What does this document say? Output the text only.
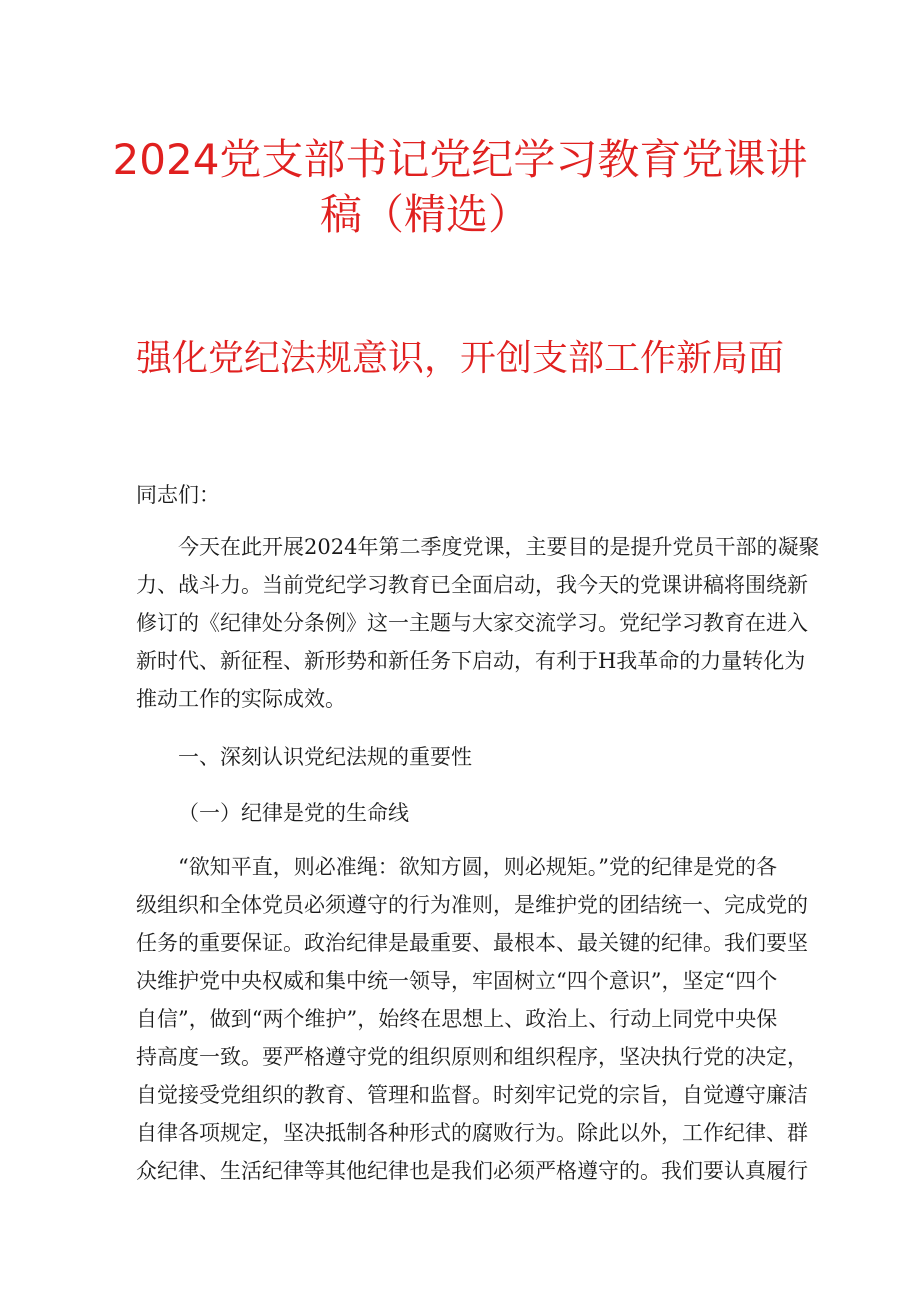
2024党支部书记党纪学习教育党课讲
稿（精选）
强化党纪法规意识，开创支部工作新局面
同志们：
今天在此开展2024年第二季度党课，主要目的是提升党员干部的凝聚
力、战斗力。当前党纪学习教育已全面启动，我今天的党课讲稿将围绕新
修订的《纪律处分条例》这一主题与大家交流学习。党纪学习教育在进入
新时代、新征程、新形势和新任务下启动，有利于H我革命的力量转化为
推动工作的实际成效。
一、深刻认识党纪法规的重要性
（一）纪律是党的生命线
“欲知平直，则必准绳：欲知方圆，则必规矩。”党的纪律是党的各
级组织和全体党员必须遵守的行为准则，是维护党的团结统一、完成党的
任务的重要保证。政治纪律是最重要、最根本、最关键的纪律。我们要坚
决维护党中央权威和集中统一领导，牢固树立“四个意识”，坚定“四个
自信”，做到“两个维护”，始终在思想上、政治上、行动上同党中央保
持高度一致。要严格遵守党的组织原则和组织程序，坚决执行党的决定，
自觉接受党组织的教育、管理和监督。时刻牢记党的宗旨，自觉遵守廉洁
自律各项规定，坚决抵制各种形式的腐败行为。除此以外，工作纪律、群
众纪律、生活纪律等其他纪律也是我们必须严格遵守的。我们要认真履行
